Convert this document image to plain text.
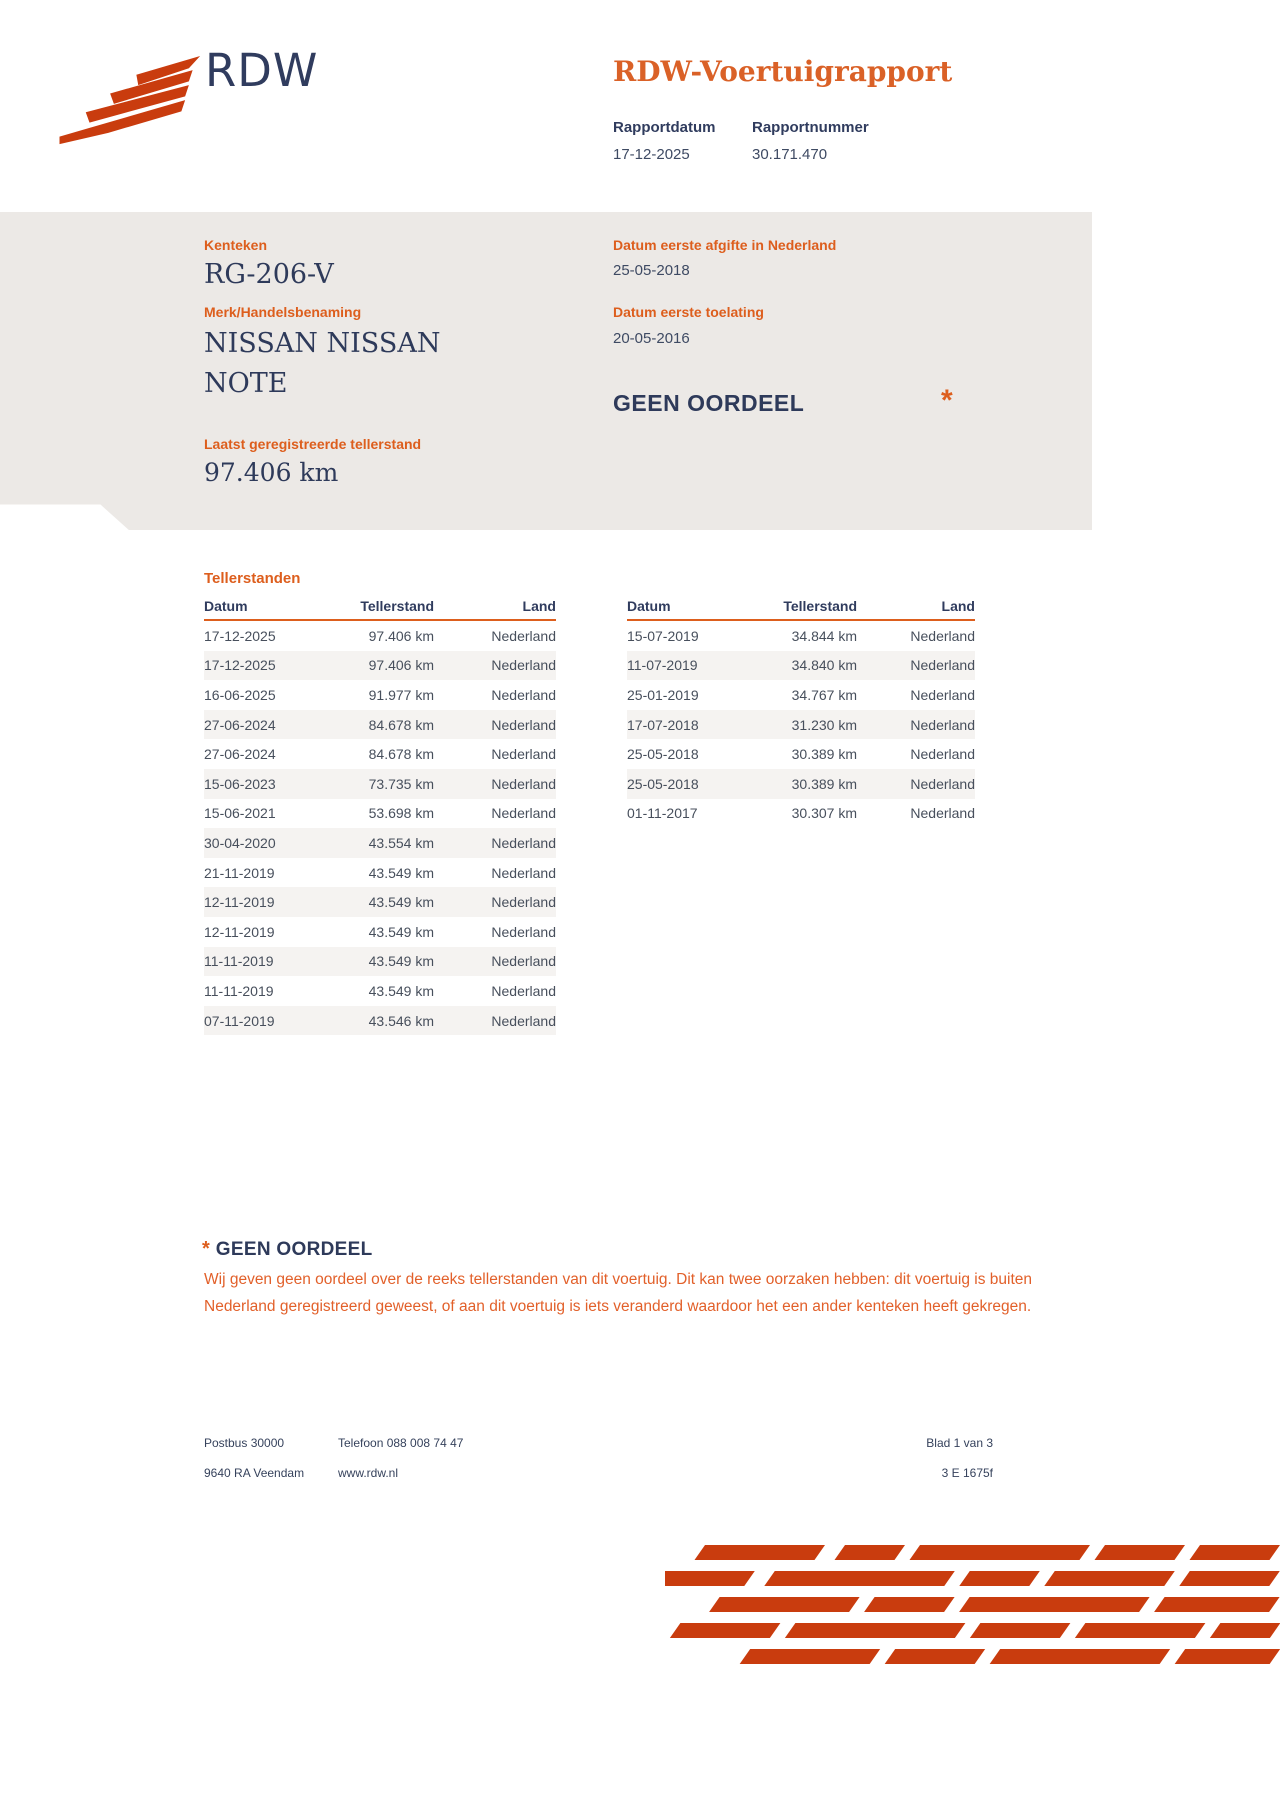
RDW	RDW-Voertuigrapport
Rapportdatum Rapportnummer
17-12-2025	30.171.470
Kenteken
RG-206-V
Merk/Handelsbenaming
NISSAN NISSAN NOTE
Laatst geregistreerde tellerstand
97.406 km
Datum eerste afgifte in Nederland
25-05-2018
Datum eerste toelating
20-05-2016
GEEN OORDEEL	*
Tellerstanden
Datum	Tellerstand	Land
17-12-2025	97.406 km	Nederland
17-12-2025	97.406 km	Nederland
16-06-2025	91.977 km	Nederland
27-06-2024	84.678 km	Nederland
27-06-2024	84.678 km	Nederland
15-06-2023	73.735 km	Nederland
15-06-2021	53.698 km	Nederland
30-04-2020	43.554 km	Nederland
21-11-2019	43.549 km	Nederland
12-11-2019	43.549 km	Nederland
12-11-2019	43.549 km	Nederland
11-11-2019	43.549 km	Nederland
11-11-2019	43.549 km	Nederland
07-11-2019	43.546 km	Nederland
Datum	Tellerstand	Land
15-07-2019	34.844 km	Nederland
11-07-2019	34.840 km	Nederland
25-01-2019	34.767 km	Nederland
17-07-2018	31.230 km	Nederland
25-05-2018	30.389 km	Nederland
25-05-2018	30.389 km	Nederland
01-11-2017	30.307 km	Nederland
* GEEN OORDEEL
Wij geven geen oordeel over de reeks tellerstanden van dit voertuig. Dit kan twee oorzaken hebben: dit voertuig is buiten Nederland geregistreerd geweest, of aan dit voertuig is iets veranderd waardoor het een ander kenteken heeft gekregen.
Postbus 30000
9640 RA Veendam
Telefoon 088 008 74 47
www.rdw.nl
Blad 1 van 3
3 E 1675f
